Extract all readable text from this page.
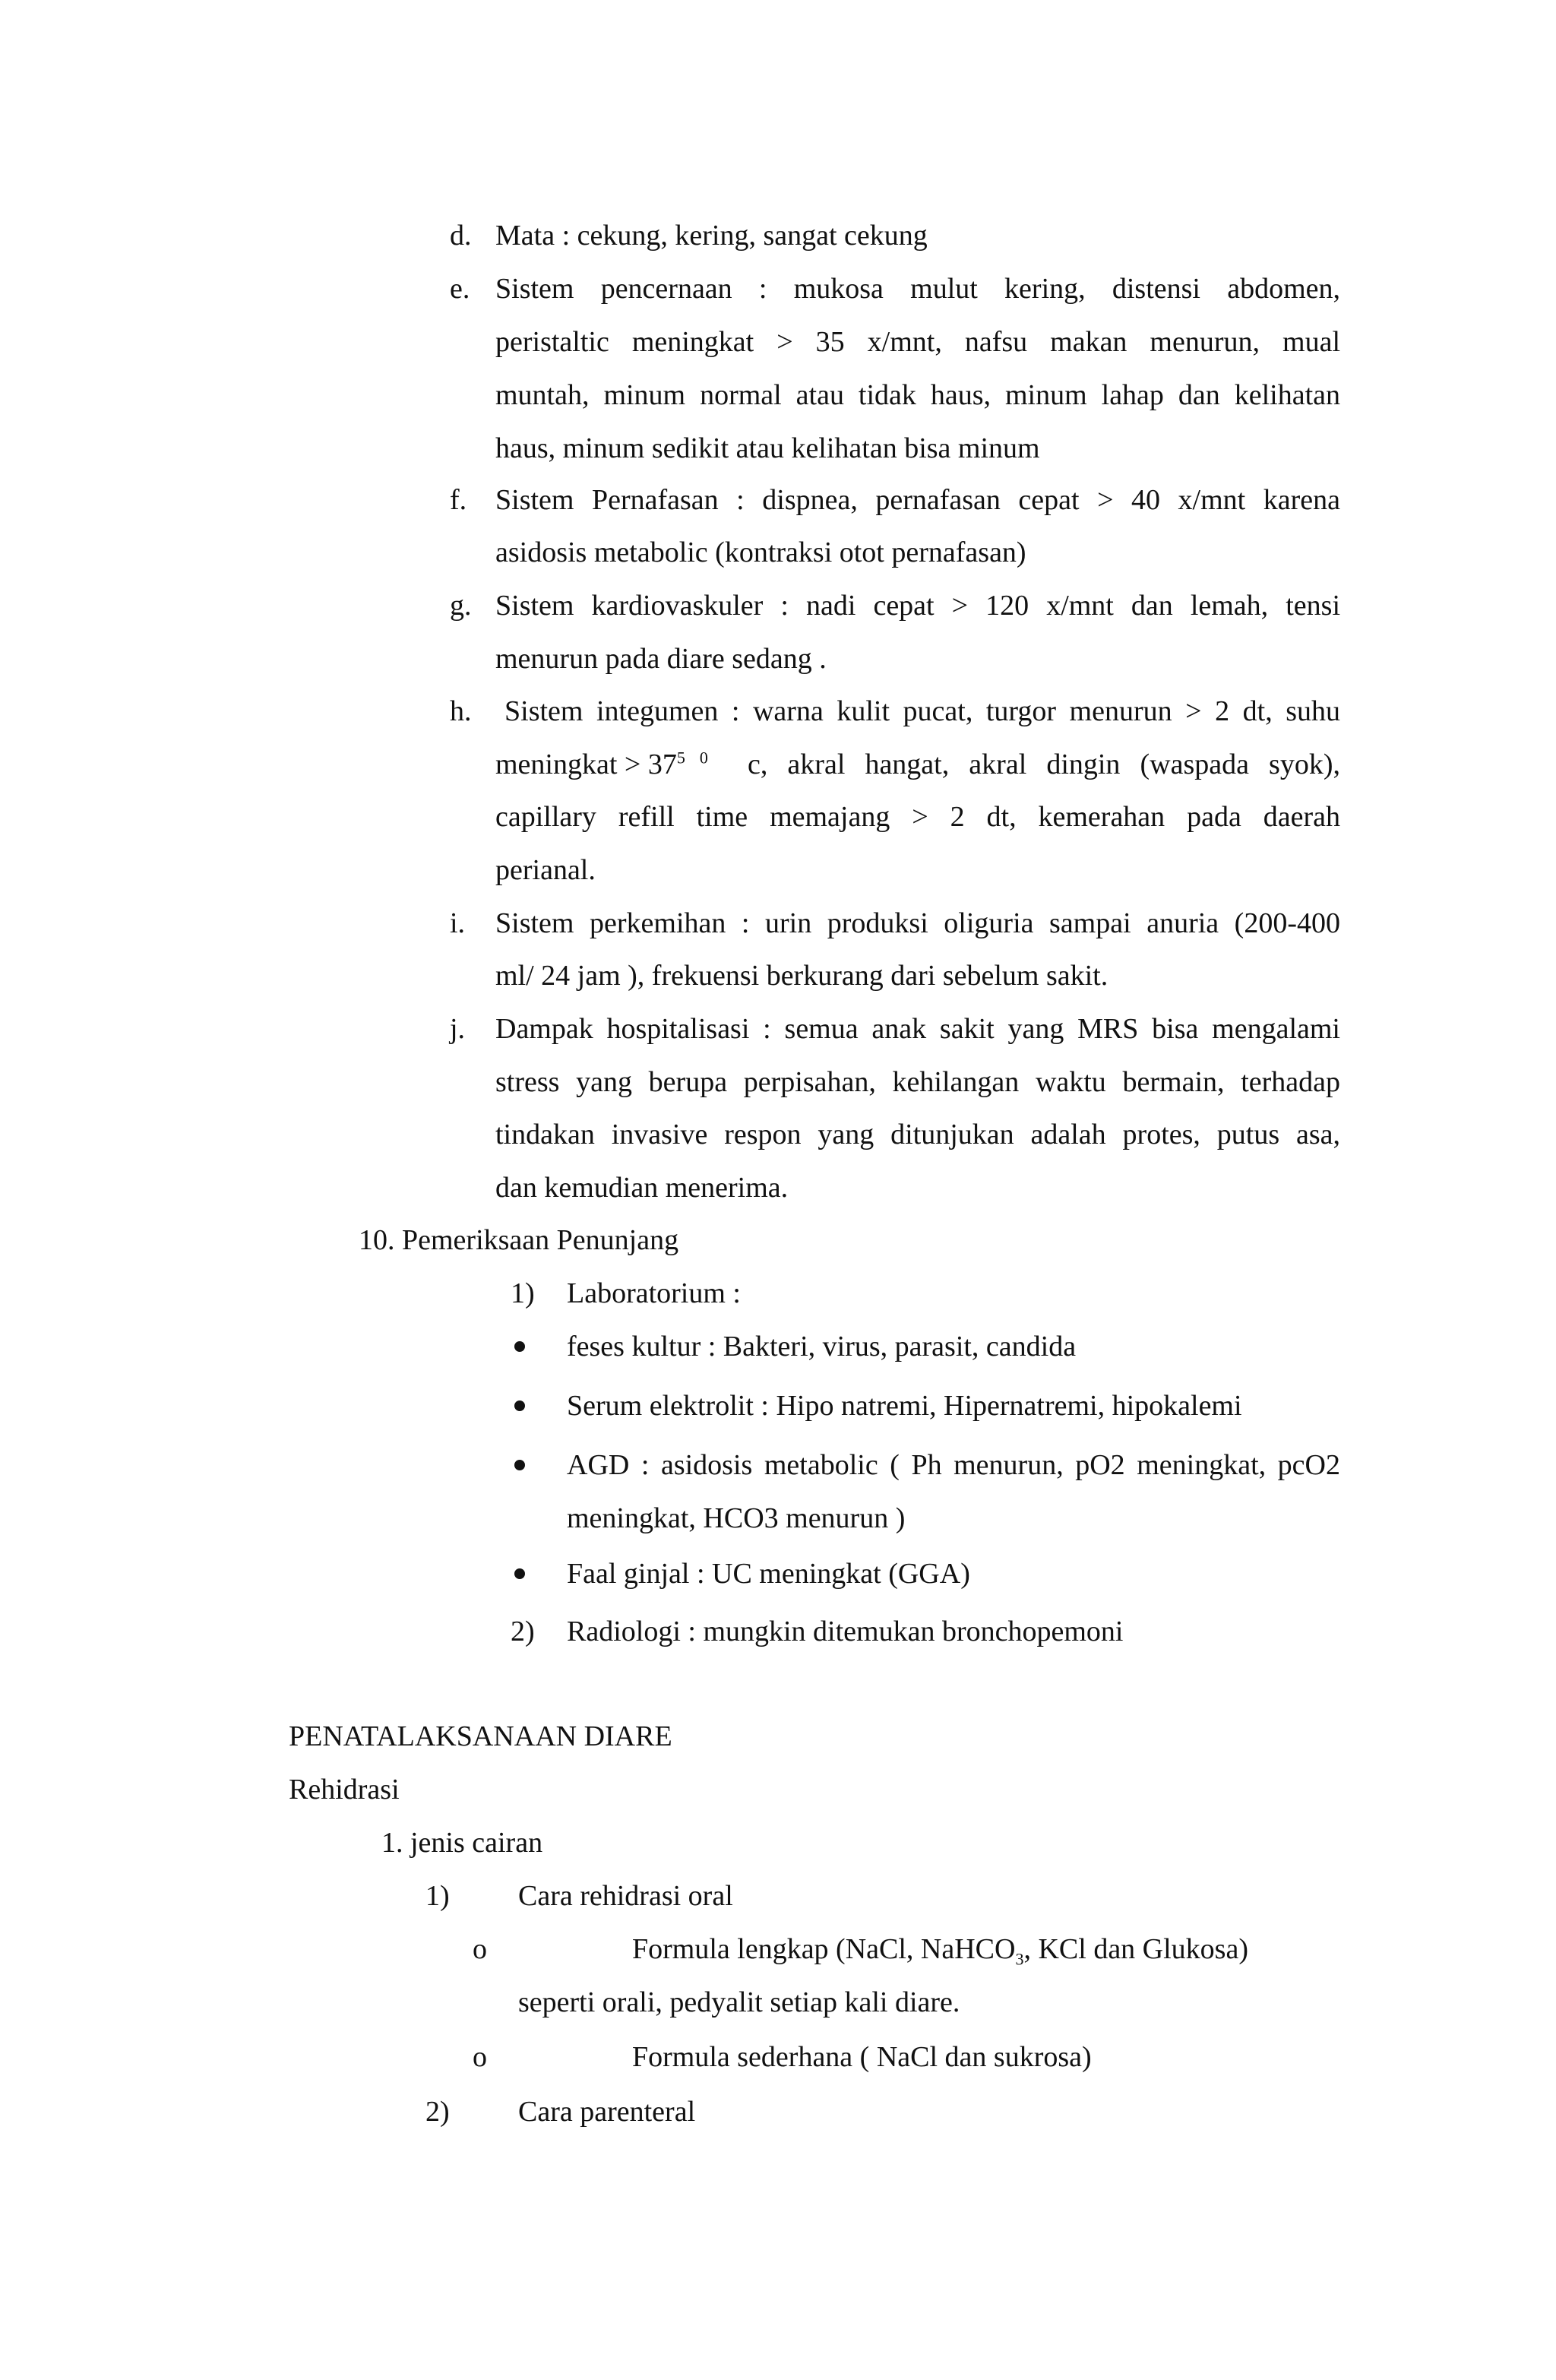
d. Mata : cekung, kering, sangat cekung
e. Sistem pencernaan : mukosa mulut kering, distensi abdomen,
peristaltic meningkat > 35 x/mnt, nafsu makan menurun, mual
muntah, minum normal atau tidak haus, minum lahap dan kelihatan
haus, minum sedikit atau kelihatan bisa minum
f. Sistem Pernafasan : dispnea, pernafasan cepat > 40 x/mnt karena
asidosis metabolic (kontraksi otot pernafasan)
g. Sistem kardiovaskuler : nadi cepat > 120 x/mnt dan lemah, tensi
menurun pada diare sedang .
h. Sistem integumen : warna kulit pucat, turgor menurun > 2 dt, suhu
meningkat > $37^5$ $^0$ c, akral hangat, akral dingin (waspada syok),
capillary refill time memajang > 2 dt, kemerahan pada daerah
perianal.
i. Sistem perkemihan : urin produksi oliguria sampai anuria (200-400
ml/ 24 jam ), frekuensi berkurang dari sebelum sakit.
j. Dampak hospitalisasi : semua anak sakit yang MRS bisa mengalami
stress yang berupa perpisahan, kehilangan waktu bermain, terhadap
tindakan invasive respon yang ditunjukan adalah protes, putus asa,
dan kemudian menerima.
10. Pemeriksaan Penunjang
1) Laboratorium :
feses kultur : Bakteri, virus, parasit, candida
Serum elektrolit : Hipo natremi, Hipernatremi, hipokalemi
AGD : asidosis metabolic ( Ph menurun, pO2 meningkat, pcO2
meningkat, HCO3 menurun )
Faal ginjal : UC meningkat (GGA)
2) Radiologi : mungkin ditemukan bronchopemoni
PENATALAKSANAAN DIARE
Rehidrasi
1. jenis cairan
1) Cara rehidrasi oral
o	Formula lengkap (NaCl, NaHCO$_3$, KCl dan Glukosa)
seperti orali, pedyalit setiap kali diare.
o	Formula sederhana ( NaCl dan sukrosa)
2) Cara parenteral
